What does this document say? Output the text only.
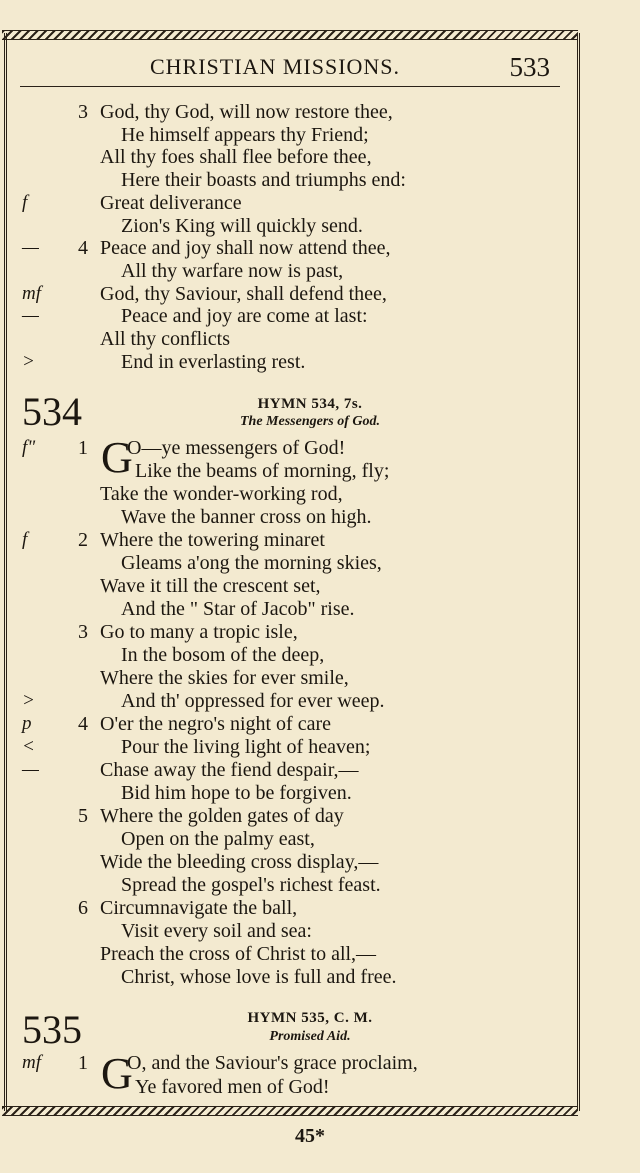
CHRISTIAN MISSIONS.	533
3 God, thy God, will now restore thee,
He himself appears thy Friend;
All thy foes shall flee before thee,
Here their boasts and triumphs end:
f	Great deliverance
Zion's King will quickly send.
— 4 Peace and joy shall now attend thee,
All thy warfare now is past,
mf	God, thy Saviour, shall defend thee,
—	Peace and joy are come at last:
All thy conflicts
>	End in everlasting rest.
534	HYMN 534, 7s.
The Messengers of God.
G
f" 1 O—ye messengers of God!
Like the beams of morning, fly;
Take the wonder-working rod,
Wave the banner cross on high.
f	2 Where the towering minaret
Gleams a'ong the morning skies,
Wave it till the crescent set,
And the " Star of Jacob" rise.
3 Go to many a tropic isle,
In the bosom of the deep,
Where the skies for ever smile,
>	And th' oppressed for ever weep.
p 4 O'er the negro's night of care
<	Pour the living light of heaven;
—	Chase away the fiend despair,—
Bid him hope to be forgiven.
5 Where the golden gates of day
Open on the palmy east,
Wide the bleeding cross display,—
Spread the gospel's richest feast.
6 Circumnavigate the ball,
Visit every soil and sea:
Preach the cross of Christ to all,—
Christ, whose love is full and free.
535	HYMN 535, C. M.
Promised Aid.
G
mf 1 O, and the Saviour's grace proclaim,
Ye favored men of God!
45*
